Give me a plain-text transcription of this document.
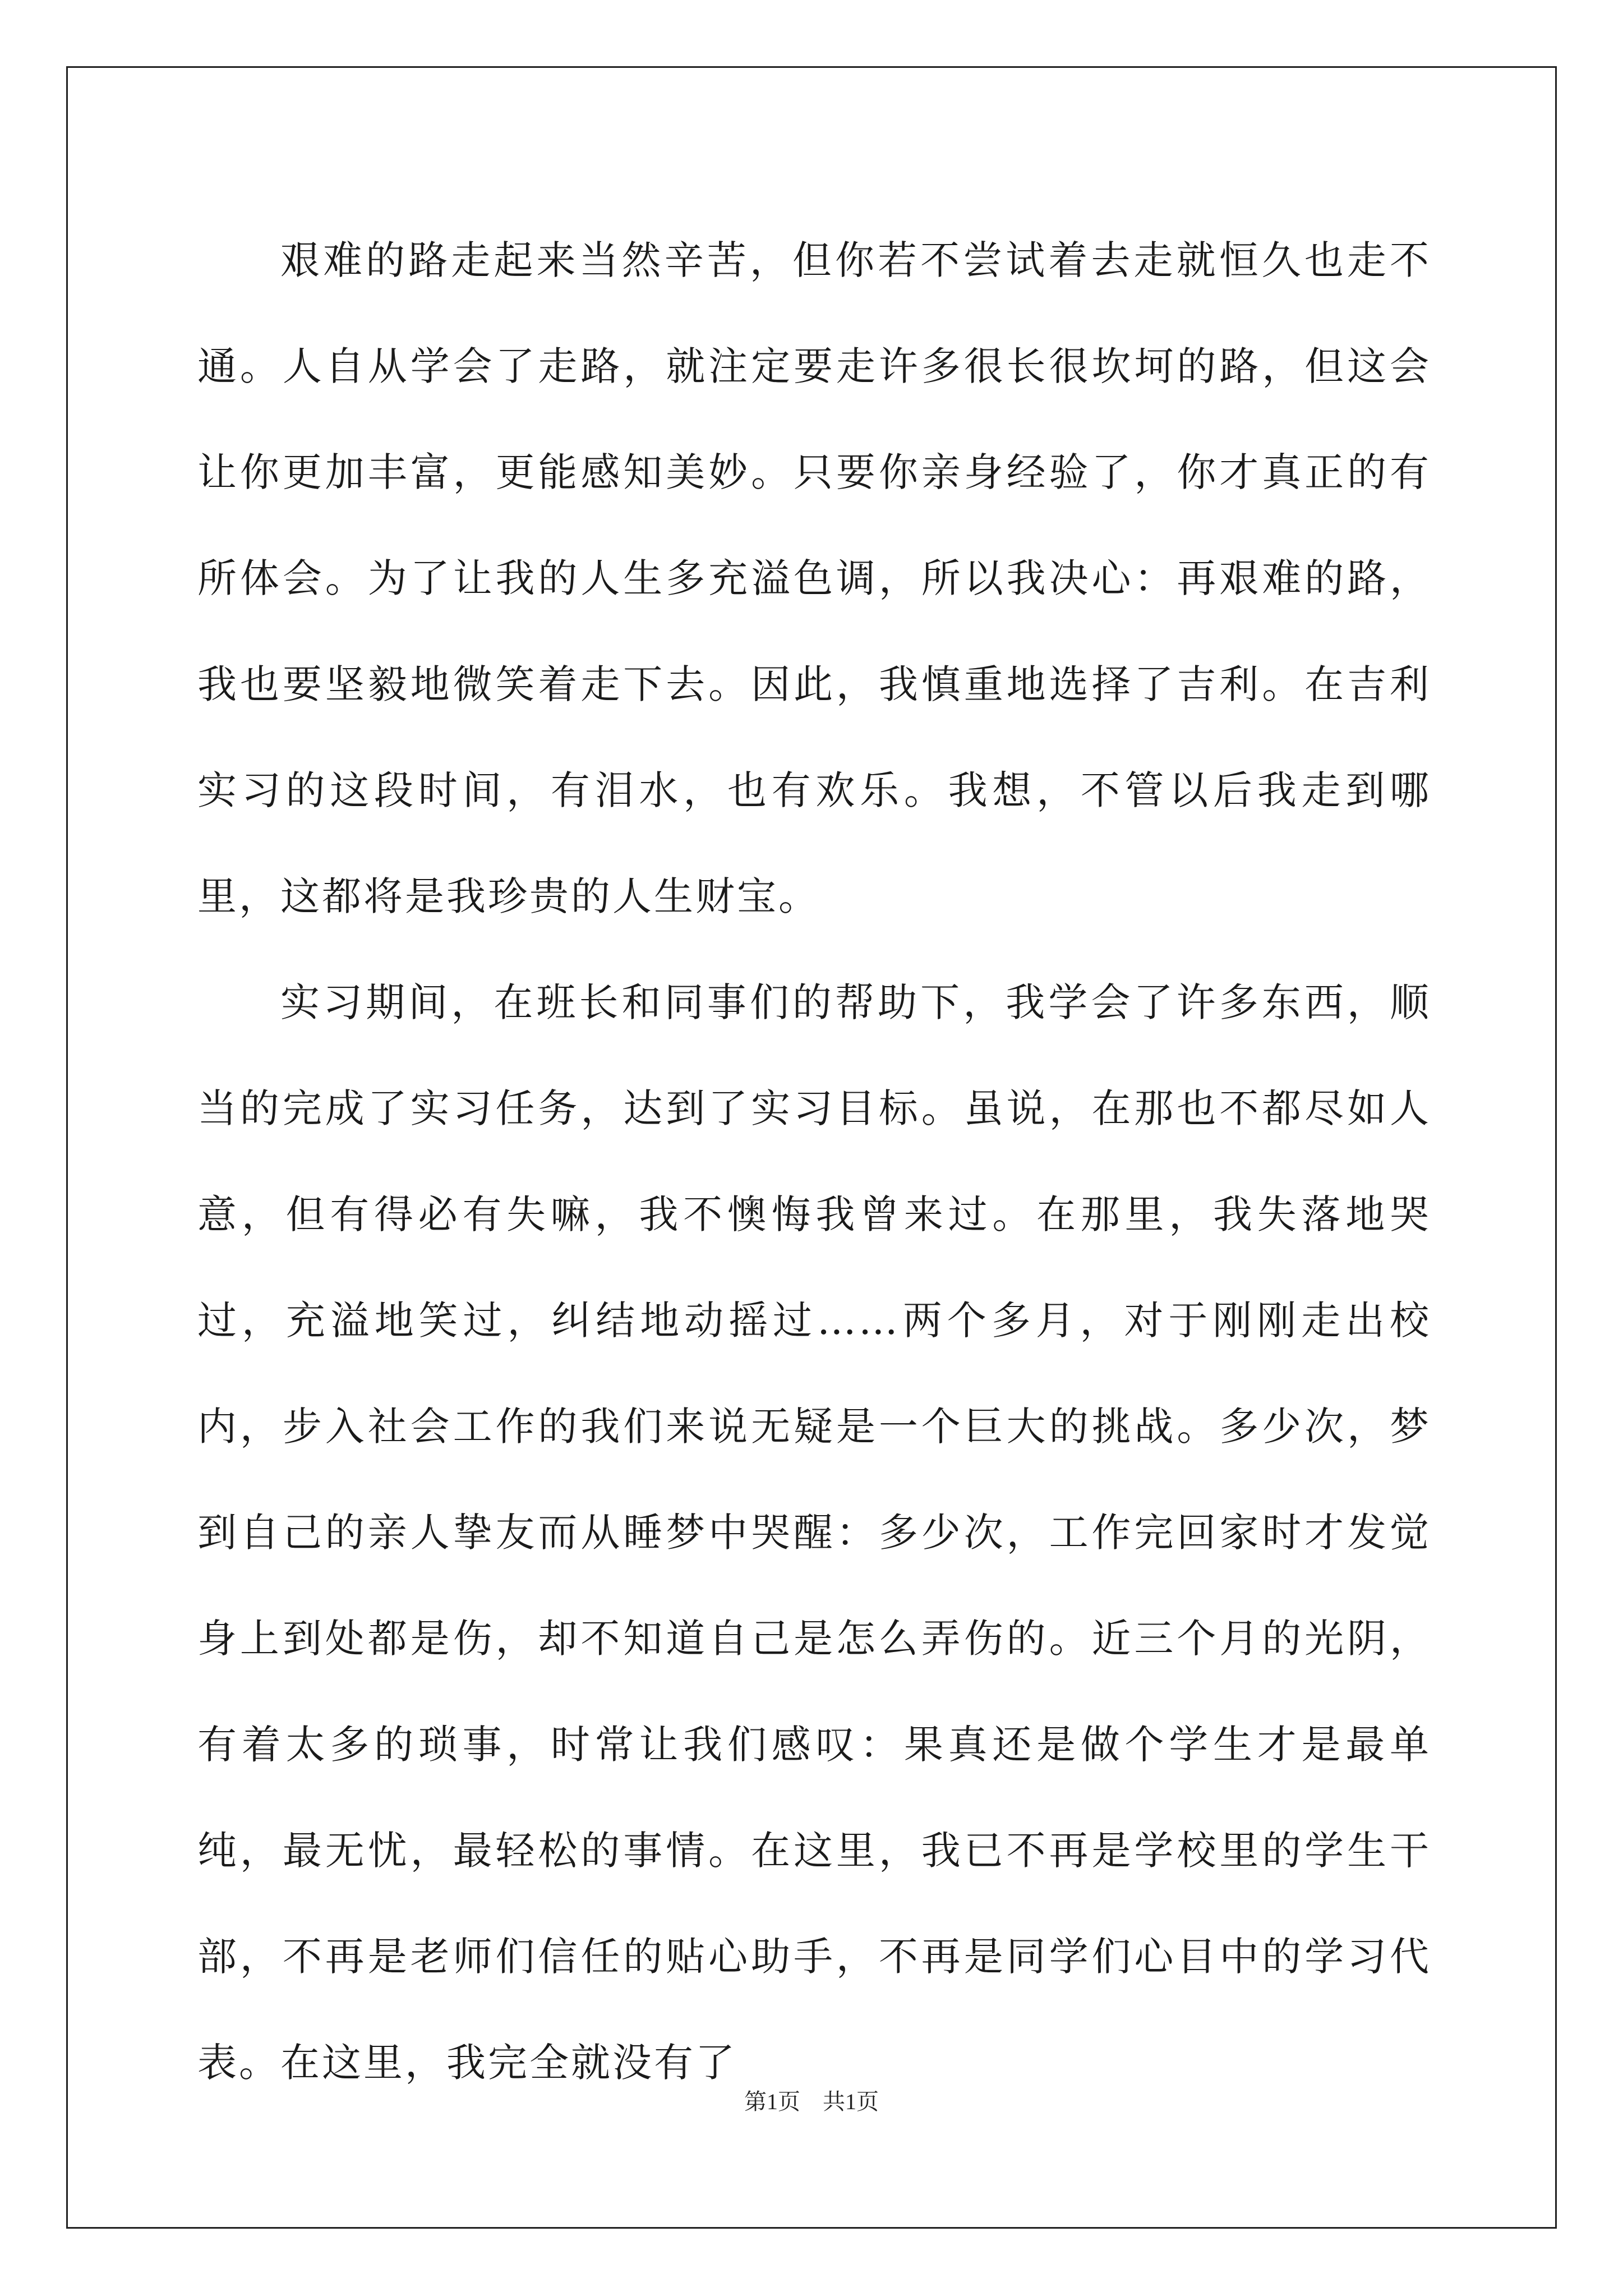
艰难的路走起来当然辛苦，但你若不尝试着去走就恒久也走不通。人自从学会了走路，就注定要走许多很长很坎坷的路，但这会让你更加丰富，更能感知美妙。只要你亲身经验了，你才真正的有所体会。为了让我的人生多充溢色调，所以我决心：再艰难的路，我也要坚毅地微笑着走下去。因此，我慎重地选择了吉利。在吉利实习的这段时间，有泪水，也有欢乐。我想，不管以后我走到哪里，这都将是我珍贵的人生财宝。

实习期间，在班长和同事们的帮助下，我学会了许多东西，顺当的完成了实习任务，达到了实习目标。虽说，在那也不都尽如人意，但有得必有失嘛，我不懊悔我曾来过。在那里，我失落地哭过，充溢地笑过，纠结地动摇过……两个多月，对于刚刚走出校内，步入社会工作的我们来说无疑是一个巨大的挑战。多少次，梦到自己的亲人挚友而从睡梦中哭醒：多少次，工作完回家时才发觉身上到处都是伤，却不知道自己是怎么弄伤的。近三个月的光阴，有着太多的琐事，时常让我们感叹：果真还是做个学生才是最单纯，最无忧，最轻松的事情。在这里，我已不再是学校里的学生干部，不再是老师们信任的贴心助手，不再是同学们心目中的学习代表。在这里，我完全就没有了

第1页　共1页
